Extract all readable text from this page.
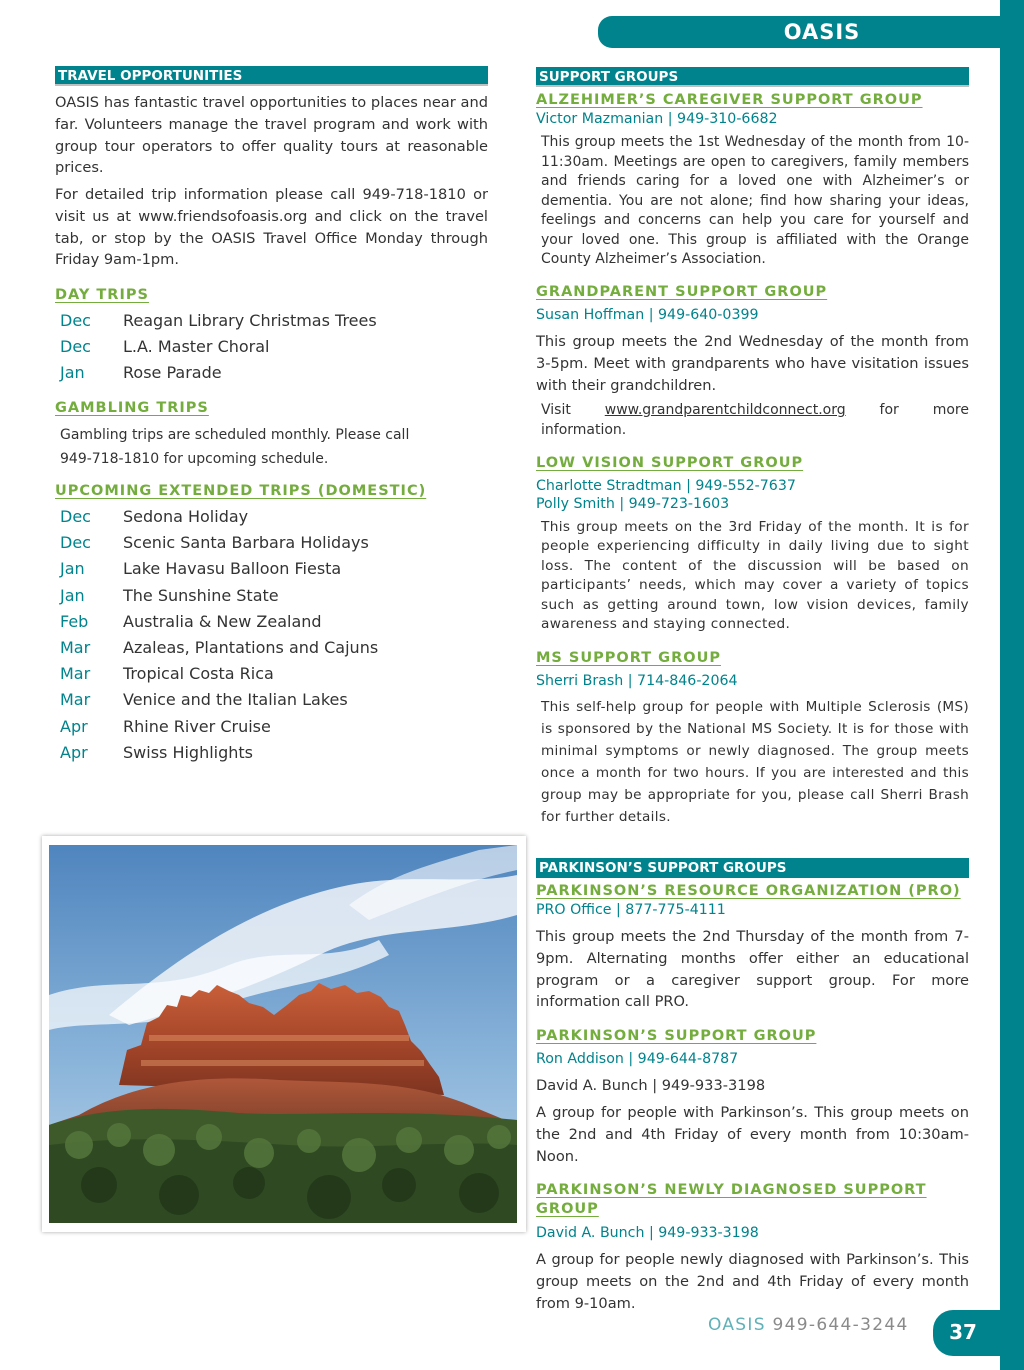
OASIS
TRAVEL OPPORTUNITIES

OASIS has fantastic travel opportunities to places near and far. Volunteers manage the travel program and work with group tour operators to offer quality tours at reasonable prices.

For detailed trip information please call 949-718-1810 or visit us at www.friendsofoasis.org and click on the travel tab, or stop by the OASIS Travel Office Monday through Friday 9am-1pm.

DAY TRIPS
Dec Reagan Library Christmas Trees
Dec L.A. Master Choral
Jan Rose Parade
GAMBLING TRIPS

Gambling trips are scheduled monthly. Please call 949-718-1810 for upcoming schedule.

UPCOMING EXTENDED TRIPS (DOMESTIC)
Dec Sedona Holiday
Dec Scenic Santa Barbara Holidays
Jan Lake Havasu Balloon Fiesta
Jan The Sunshine State
Feb Australia & New Zealand
Mar Azaleas, Plantations and Cajuns
Mar Tropical Costa Rica
Mar Venice and the Italian Lakes
Apr Rhine River Cruise
Apr Swiss Highlights
SUPPORT GROUPS
ALZEHIMER’S CAREGIVER SUPPORT GROUP
Victor Mazmanian | 949-310-6682

This group meets the 1st Wednesday of the month from 10-11:30am. Meetings are open to caregivers, family members and friends caring for a loved one with Alzheimer’s or dementia. You are not alone; find how sharing your ideas, feelings and concerns can help you care for yourself and your loved one. This group is affiliated with the Orange County Alzheimer’s Association.

GRANDPARENT SUPPORT GROUP
Susan Hoffman | 949-640-0399

This group meets the 2nd Wednesday of the month from 3-5pm. Meet with grandparents who have visitation issues with their grandchildren.

Visit www.grandparentchildconnect.org for more
information.
LOW VISION SUPPORT GROUP
Charlotte Stradtman | 949-552-7637
Polly Smith | 949-723-1603

This group meets on the 3rd Friday of the month. It is for people experiencing difficulty in daily living due to sight loss. The content of the discussion will be based on participants’ needs, which may cover a variety of topics such as getting around town, low vision devices, family awareness and staying connected.

MS SUPPORT GROUP
Sherri Brash | 714-846-2064

This self-help group for people with Multiple Sclerosis (MS) is sponsored by the National MS Society. It is for those with minimal symptoms or newly diagnosed. The group meets once a month for two hours. If you are interested and this group may be appropriate for you, please call Sherri Brash for further details.

PARKINSON’S SUPPORT GROUPS
PARKINSON’S RESOURCE ORGANIZATION (PRO)
PRO Office | 877-775-4111

This group meets the 2nd Thursday of the month from 7-9pm. Alternating months offer either an educational program or a caregiver support group. For more information call PRO.

PARKINSON’S SUPPORT GROUP
Ron Addison | 949-644-8787
David A. Bunch | 949-933-3198

A group for people with Parkinson’s. This group meets on the 2nd and 4th Friday of every month from 10:30am-Noon.

PARKINSON’S NEWLY DIAGNOSED SUPPORT
GROUP
David A. Bunch | 949-933-3198

A group for people newly diagnosed with Parkinson’s. This group meets on the 2nd and 4th Friday of every month from 9-10am.

OASIS 949-644-3244	37
